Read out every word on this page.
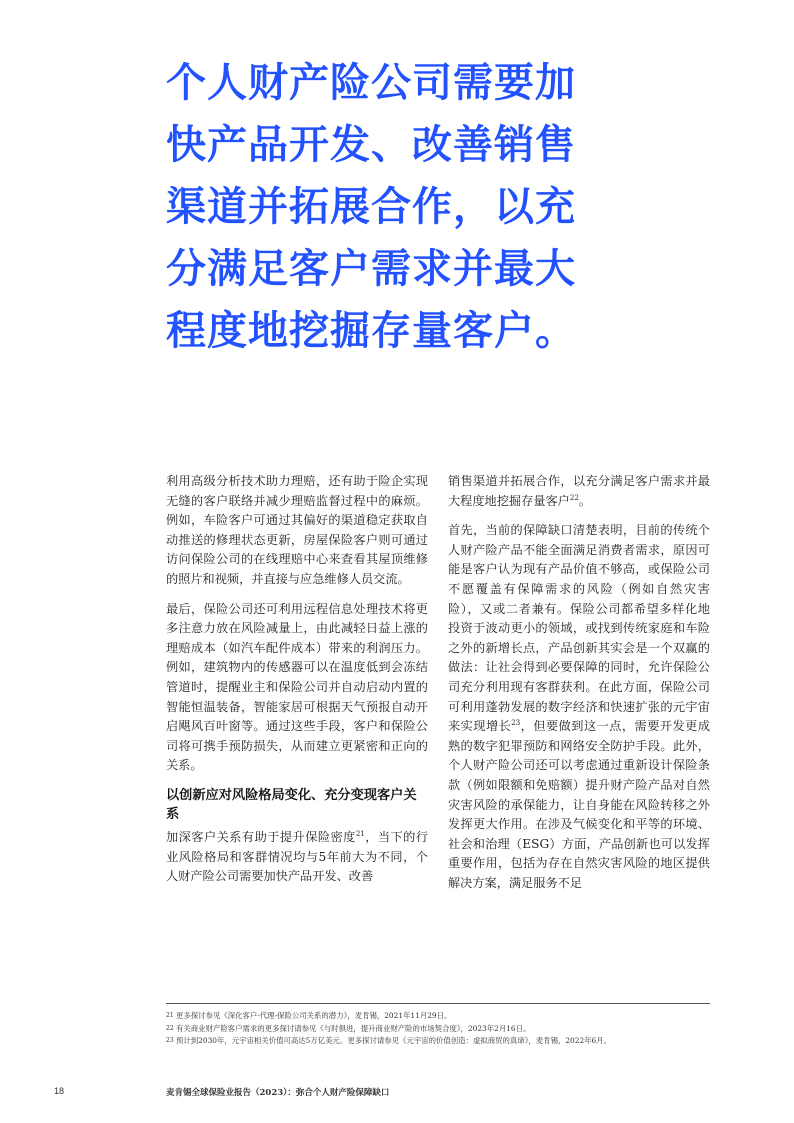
个人财产险公司需要加
快产品开发、改善销售
渠道并拓展合作，以充
分满足客户需求并最大
程度地挖掘存量客户。

利用高级分析技术助力理赔，还有助于险企实现无缝的客户联络并减少理赔监督过程中的麻烦。例如，车险客户可通过其偏好的渠道稳定获取自动推送的修理状态更新，房屋保险客户则可通过访问保险公司的在线理赔中心来查看其屋顶维修的照片和视频，并直接与应急维修人员交流。

最后，保险公司还可利用远程信息处理技术将更多注意力放在风险减量上，由此减轻日益上涨的理赔成本（如汽车配件成本）带来的利润压力。例如，建筑物内的传感器可以在温度低到会冻结管道时，提醒业主和保险公司并自动启动内置的智能恒温装备，智能家居可根据天气预报自动开启飓风百叶窗等。通过这些手段，客户和保险公司将可携手预防损失，从而建立更紧密和正向的关系。

以创新应对风险格局变化、充分变现客户关系

加深客户关系有助于提升保险密度$^{21}$，当下的行业风险格局和客群情况均与5年前大为不同，个人财产险公司需要加快产品开发、改善

销售渠道并拓展合作，以充分满足客户需求并最大程度地挖掘存量客户$^{22}$。

首先，当前的保障缺口清楚表明，目前的传统个人财产险产品不能全面满足消费者需求，原因可能是客户认为现有产品价值不够高，或保险公司不愿覆盖有保障需求的风险（例如自然灾害险），又或二者兼有。保险公司都希望多样化地投资于波动更小的领域，或找到传统家庭和车险之外的新增长点，产品创新其实会是一个双赢的做法：让社会得到必要保障的同时，允许保险公司充分利用现有客群获利。在此方面，保险公司可利用蓬勃发展的数字经济和快速扩张的元宇宙来实现增长$^{23}$，但要做到这一点，需要开发更成熟的数字犯罪预防和网络安全防护手段。此外，个人财产险公司还可以考虑通过重新设计保险条款（例如限额和免赔额）提升财产险产品对自然灾害风险的承保能力，让自身能在风险转移之外发挥更大作用。在涉及气候变化和平等的环境、社会和治理（ESG）方面，产品创新也可以发挥重要作用，包括为存在自然灾害风险的地区提供解决方案，满足服务不足

21 更多探讨参见《深化客户-代理-保险公司关系的潜力》，麦肯锡，2021年11月29日。
22 有关商业财产险客户需求的更多探讨请参见《与时俱进，提升商业财产险的市场契合度》，2023年2月16日。
23 预计到2030年，元宇宙相关价值可高达5万亿美元。更多探讨请参见《元宇宙的价值创造：虚拟商贸的真谛》，麦肯锡，2022年6月。
18	麦肯锡全球保险业报告（2023）：弥合个人财产险保障缺口
